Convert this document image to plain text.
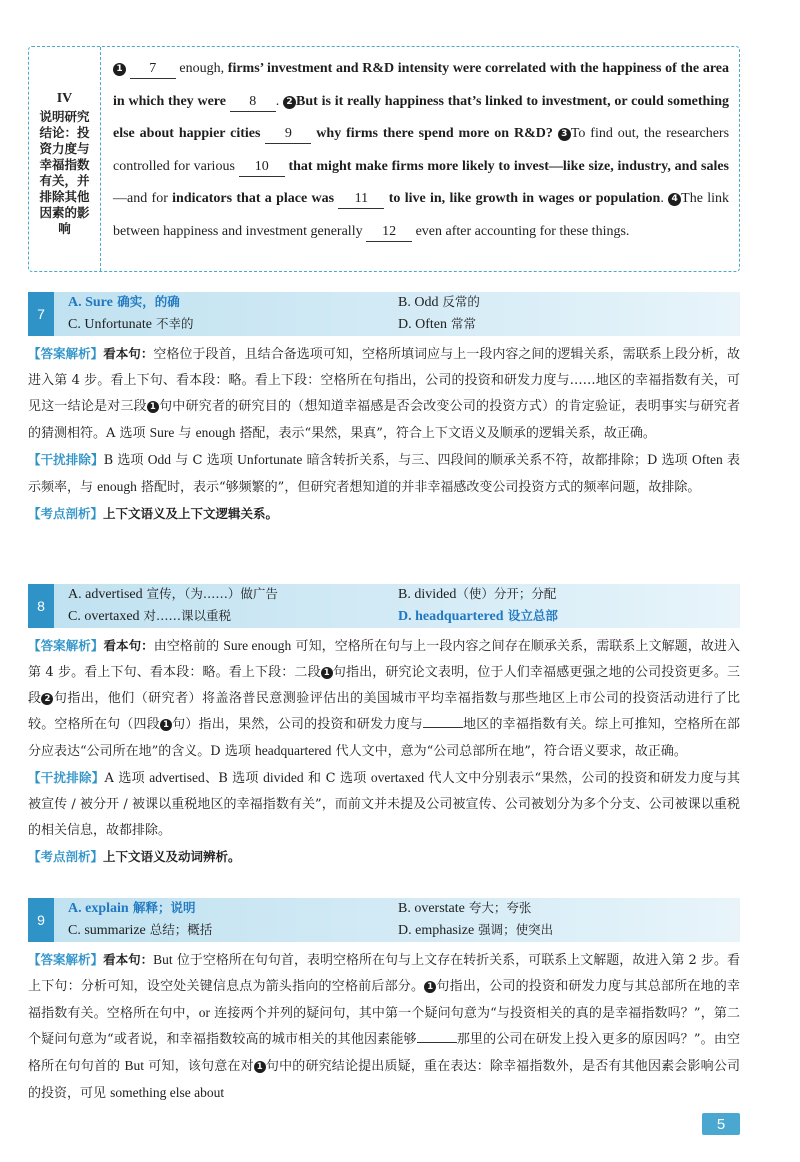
IV
说明研究结论：投资力度与幸福指数有关，并排除其他因素的影响
1 7 enough, firms’ investment and R&D intensity were correlated with the happiness of the area in which they were 8 . 2 But is it really happiness that’s linked to investment, or could something else about happier cities 9 why firms there spend more on R&D? 3 To find out, the researchers controlled for various 10 that might make firms more likely to invest—like size, industry, and sales—and for indicators that a place was 11 to live in, like growth in wages or population. 4 The link between happiness and investment generally 12 even after accounting for these things.
7
A. Sure 确实，的确	B. Odd 反常的
C. Unfortunate 不幸的	D. Often 常常

【答案解析】看本句：空格位于段首，且结合备选项可知，空格所填词应与上一段内容之间的逻辑关系，需联系上段分析，故进入第 4 步。看上下句、看本段：略。看上下段：空格所在句指出，公司的投资和研发力度与……地区的幸福指数有关，可见这一结论是对三段 1 句中研究者的研究目的（想知道幸福感是否会改变公司的投资方式）的肯定验证，表明事实与研究者的猜测相符。A 选项 Sure 与 enough 搭配，表示“果然，果真”，符合上下文语义及顺承的逻辑关系，故正确。

【干扰排除】B 选项 Odd 与 C 选项 Unfortunate 暗含转折关系，与三、四段间的顺承关系不符，故都排除；D 选项 Often 表示频率，与 enough 搭配时，表示“够频繁的”，但研究者想知道的并非幸福感改变公司投资方式的频率问题，故排除。

【考点剖析】上下文语义及上下文逻辑关系。

8
A. advertised 宣传，（为……）做广告	B. divided（使）分开；分配
C. overtaxed 对……课以重税	D. headquartered 设立总部

【答案解析】看本句：由空格前的 Sure enough 可知，空格所在句与上一段内容之间存在顺承关系，需联系上文解题，故进入第 4 步。看上下句、看本段：略。看上下段：二段 1 句指出，研究论文表明，位于人们幸福感更强之地的公司投资更多。三段 2 句指出，他们（研究者）将盖洛普民意测验评估出的美国城市平均幸福指数与那些地区上市公司的投资活动进行了比较。空格所在句（四段 1 句）指出，果然，公司的投资和研发力度与	地区的幸福指数有关。综上可推知，空格所在部分应表达“公司所在地”的含义。D 选项 headquartered 代人文中，意为“公司总部所在地”，符合语义要求，故正确。

【干扰排除】A 选项 advertised、B 选项 divided 和 C 选项 overtaxed 代人文中分别表示“果然，公司的投资和研发力度与其被宣传 / 被分开 / 被课以重税地区的幸福指数有关”，而前文并未提及公司被宣传、公司被划分为多个分支、公司被课以重税的相关信息，故都排除。

【考点剖析】上下文语义及动词辨析。

9
A. explain 解释；说明	B. overstate 夸大；夸张
C. summarize 总结；概括	D. emphasize 强调；使突出

【答案解析】看本句：But 位于空格所在句句首，表明空格所在句与上文存在转折关系，可联系上文解题，故进入第 2 步。看上下句：分析可知，设空处关键信息点为箭头指向的空格前后部分。 1 句指出，公司的投资和研发力度与其总部所在地的幸福指数有关。空格所在句中，or 连接两个并列的疑问句，其中第一个疑问句意为“与投资相关的真的是幸福指数吗？”，第二个疑问句意为“或者说，和幸福指数较高的城市相关的其他因素能够	那里的公司在研发上投入更多的原因吗？”。由空格所在句句首的 But 可知，该句意在对 1 句中的研究结论提出质疑，重在表达：除幸福指数外，是否有其他因素会影响公司的投资，可见 something else about

5
